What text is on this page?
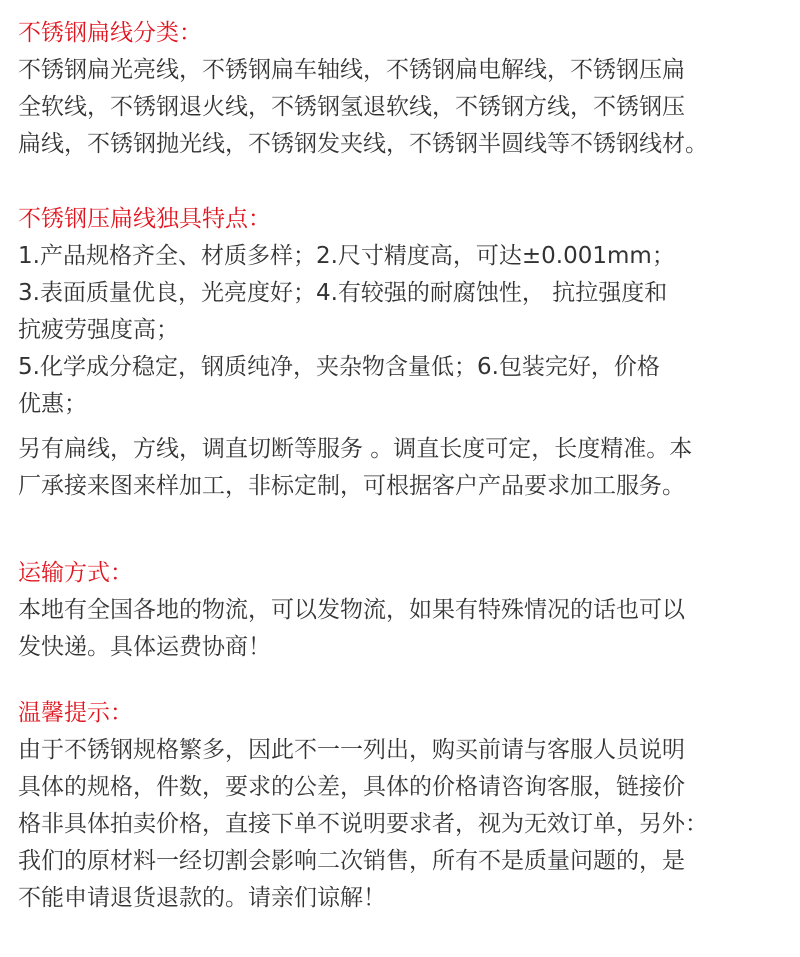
不锈钢扁线分类：
不锈钢扁光亮线，不锈钢扁车轴线，不锈钢扁电解线，不锈钢压扁
全软线，不锈钢退火线，不锈钢氢退软线，不锈钢方线，不锈钢压
扁线，不锈钢抛光线，不锈钢发夹线，不锈钢半圆线等不锈钢线材。
不锈钢压扁线独具特点：
1.产品规格齐全、材质多样；2.尺寸精度高，可达±0.001mm；
3.表面质量优良，光亮度好；4.有较强的耐腐蚀性， 抗拉强度和
抗疲劳强度高；
5.化学成分稳定，钢质纯净，夹杂物含量低；6.包装完好，价格
优惠；
另有扁线，方线，调直切断等服务 。调直长度可定，长度精准。本
厂承接来图来样加工，非标定制，可根据客户产品要求加工服务。
运输方式：
本地有全国各地的物流，可以发物流，如果有特殊情况的话也可以
发快递。具体运费协商！
温馨提示：
由于不锈钢规格繁多，因此不一一列出，购买前请与客服人员说明
具体的规格，件数，要求的公差，具体的价格请咨询客服，链接价
格非具体拍卖价格，直接下单不说明要求者，视为无效订单，另外：
我们的原材料一经切割会影响二次销售，所有不是质量问题的，是
不能申请退货退款的。请亲们谅解！
